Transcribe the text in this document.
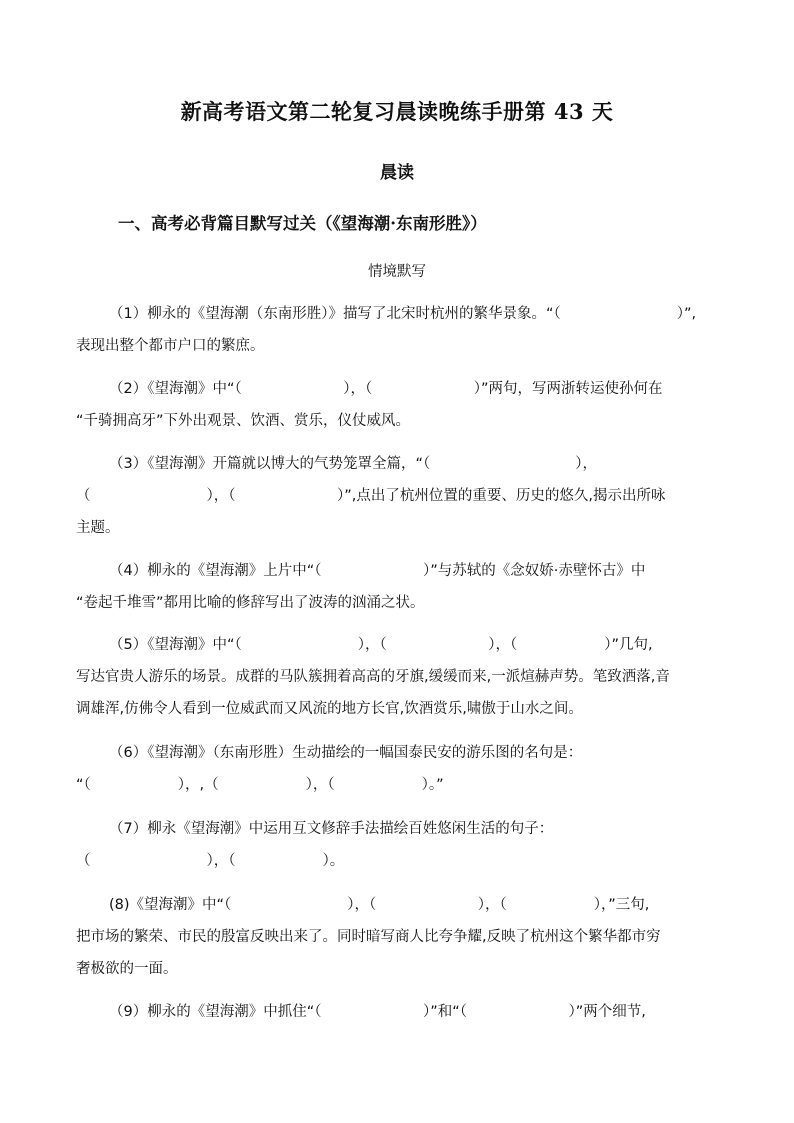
新高考语文第二轮复习晨读晚练手册第 43 天
晨读
一、高考必背篇目默写过关（《望海潮·东南形胜》）
情境默写
（1）柳永的《望海潮（东南形胜）》描写了北宋时杭州的繁华景象。“（　　　　　　　　）”,
表现出整个都市户口的繁庶。
（2）《望海潮》中“（　　　　　　　），（　　　　　　　）”两句，写两浙转运使孙何在
“千骑拥高牙”下外出观景、饮酒、赏乐，仪仗威风。
（3）《望海潮》开篇就以博大的气势笼罩全篇，“（　　　　　　　　　　），
（　　　　　　　　），（　　　　　　　）”,点出了杭州位置的重要、历史的悠久,揭示出所咏
主题。
（4）柳永的《望海潮》上片中“（　　　　　　　）”与苏轼的《念奴娇·赤壁怀古》中
“卷起千堆雪”都用比喻的修辞写出了波涛的汹涌之状。
（5）《望海潮》中“（　　　　　　　　），（　　　　　　　），（　　　　　　）”几句,
写达官贵人游乐的场景。成群的马队簇拥着高高的牙旗,缓缓而来,一派煊赫声势。笔致洒落,音
调雄浑,仿佛令人看到一位威武而又风流的地方长官,饮酒赏乐,啸傲于山水之间。
（6）《望海潮》（东南形胜）生动描绘的一幅国泰民安的游乐图的名句是：
“（　　　　　　），,（　　　　　　），（　　　　　　）。”
（7）柳永《望海潮》中运用互文修辞手法描绘百姓悠闲生活的句子：
（　　　　　　　　），（　　　　　　）。
(8)《望海潮》中“（　　　　　　　　），（　　　　　　　），（　　　　　　），”三句,
把市场的繁荣、市民的殷富反映出来了。同时暗写商人比夸争耀,反映了杭州这个繁华都市穷
奢极欲的一面。
（9）柳永的《望海潮》中抓住“（　　　　　　　）”和“（　　　　　　　）”两个细节,
